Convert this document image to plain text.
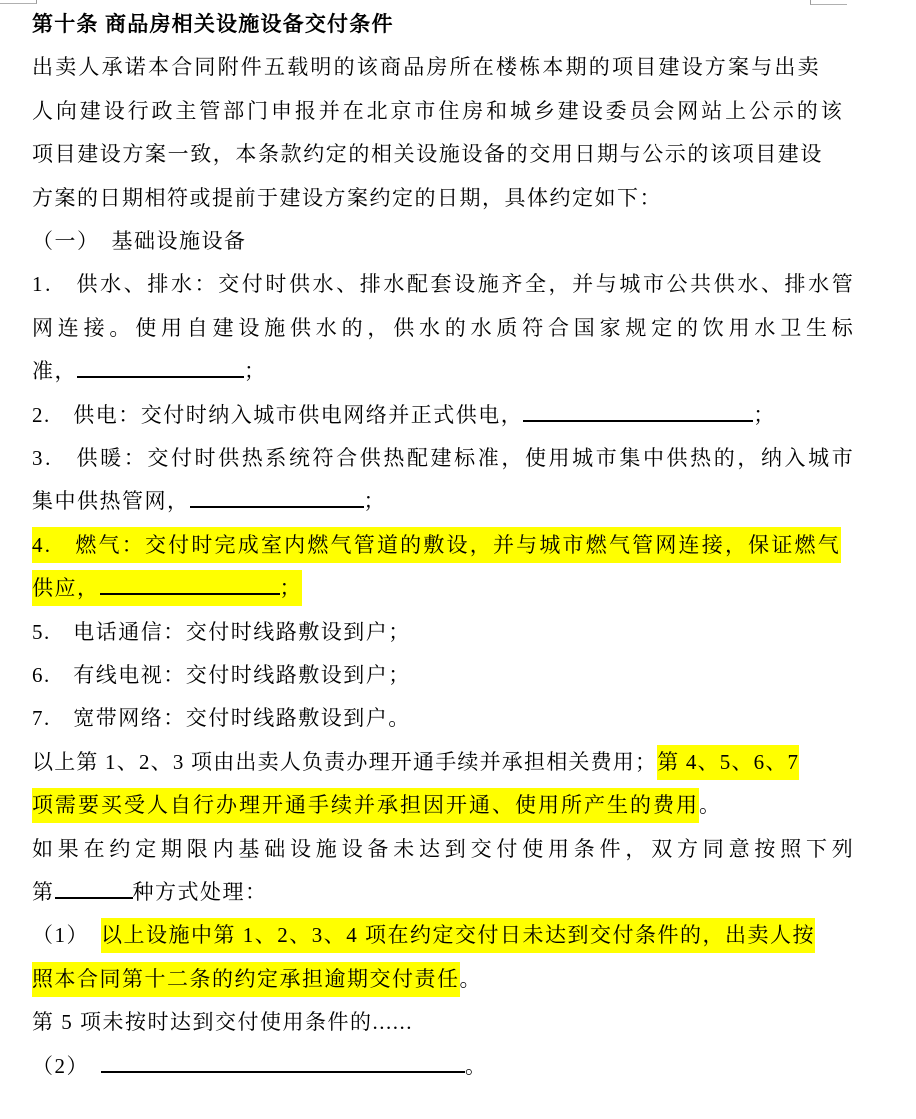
第十条 商品房相关设施设备交付条件
出卖人承诺本合同附件五载明的该商品房所在楼栋本期的项目建设方案与出卖
人向建设行政主管部门申报并在北京市住房和城乡建设委员会网站上公示的该
项目建设方案一致，本条款约定的相关设施设备的交用日期与公示的该项目建设
方案的日期相符或提前于建设方案约定的日期，具体约定如下：
（一）　基础设施设备
1.　供水、排水：交付时供水、排水配套设施齐全，并与城市公共供水、排水管
网连接。使用自建设施供水的，供水的水质符合国家规定的饮用水卫生标
准，	；
2.　供电：交付时纳入城市供电网络并正式供电，	；
3.　供暖：交付时供热系统符合供热配建标准，使用城市集中供热的，纳入城市
集中供热管网，	；
4.　燃气：交付时完成室内燃气管道的敷设，并与城市燃气管网连接，保证燃气
供应，	；
5.　电话通信：交付时线路敷设到户；
6.　有线电视：交付时线路敷设到户；
7.　宽带网络：交付时线路敷设到户。
以上第 1、2、3 项由出卖人负责办理开通手续并承担相关费用；第 4、5、6、7
项需要买受人自行办理开通手续并承担因开通、使用所产生的费用。
如果在约定期限内基础设施设备未达到交付使用条件，双方同意按照下列
第	种方式处理：
（1）　以上设施中第 1、2、3、4 项在约定交付日未达到交付条件的，出卖人按
照本合同第十二条的约定承担逾期交付责任。
第 5 项未按时达到交付使用条件的......
（2）　	。
